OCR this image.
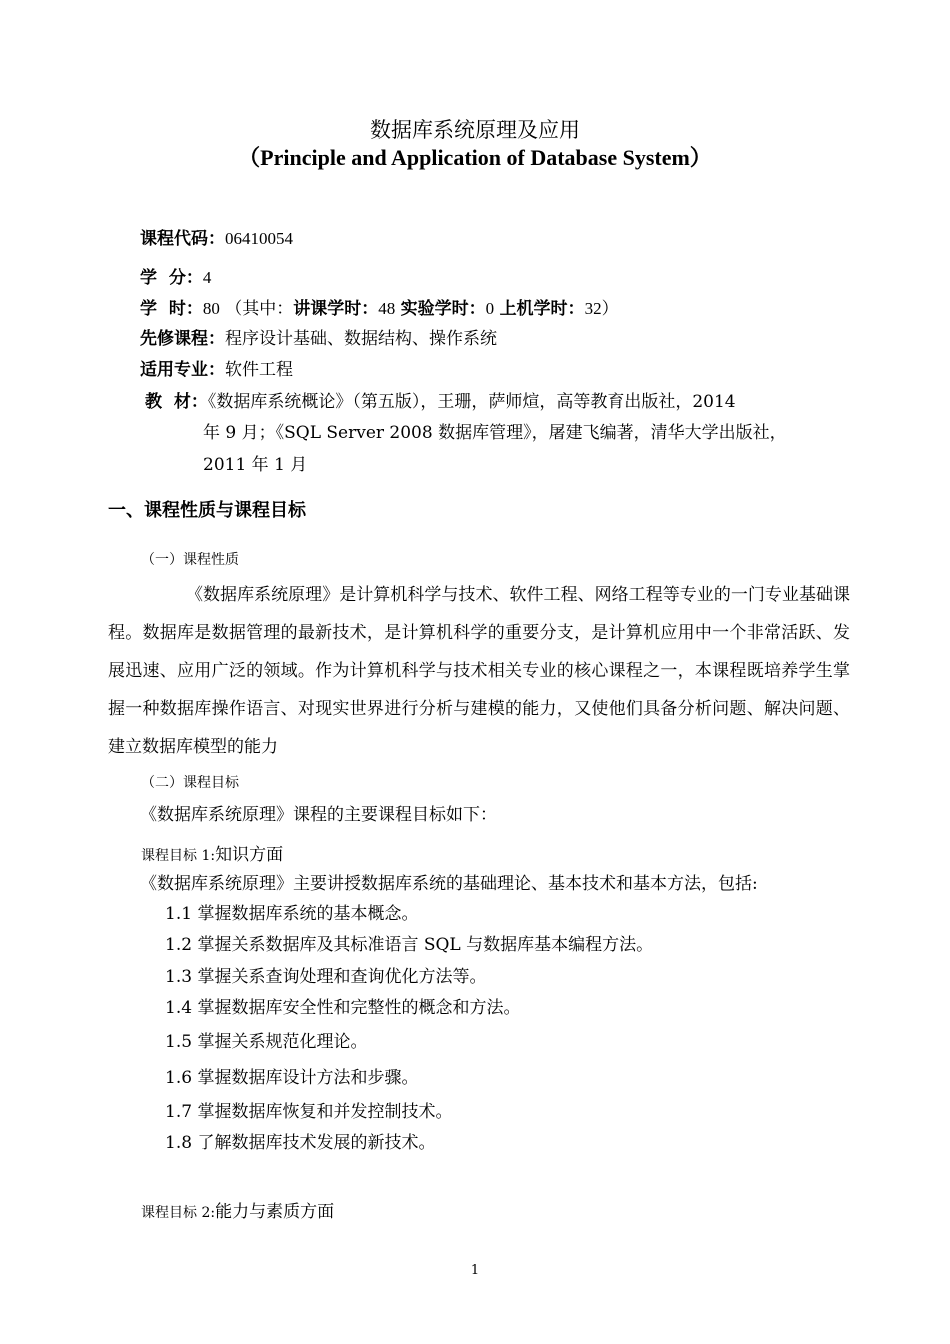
数据库系统原理及应用
（Principle and Application of Database System）
课程代码：06410054
学  分：4
学  时：80 （其中：讲课学时：48 实验学时：0 上机学时：32）
先修课程：程序设计基础、数据结构、操作系统
适用专业：软件工程
教  材：《数据库系统概论》（第五版），王珊，萨师煊，高等教育出版社，2014
年 9 月；《SQL Server 2008 数据库管理》，屠建飞编著，清华大学出版社，
2011 年 1 月
一、课程性质与课程目标
（一）课程性质
《数据库系统原理》是计算机科学与技术、软件工程、网络工程等专业的一门专业基础课程。数据库是数据管理的最新技术，是计算机科学的重要分支，是计算机应用中一个非常活跃、发展迅速、应用广泛的领域。作为计算机科学与技术相关专业的核心课程之一，本课程既培养学生掌握一种数据库操作语言、对现实世界进行分析与建模的能力，又使他们具备分析问题、解决问题、建立数据库模型的能力
（二）课程目标
《数据库系统原理》课程的主要课程目标如下：
课程目标 1:知识方面
《数据库系统原理》主要讲授数据库系统的基础理论、基本技术和基本方法，包括:
1.1 掌握数据库系统的基本概念。
1.2 掌握关系数据库及其标准语言 SQL 与数据库基本编程方法。
1.3 掌握关系查询处理和查询优化方法等。
1.4 掌握数据库安全性和完整性的概念和方法。
1.5 掌握关系规范化理论。
1.6 掌握数据库设计方法和步骤。
1.7 掌握数据库恢复和并发控制技术。
1.8 了解数据库技术发展的新技术。
课程目标 2:能力与素质方面
1
